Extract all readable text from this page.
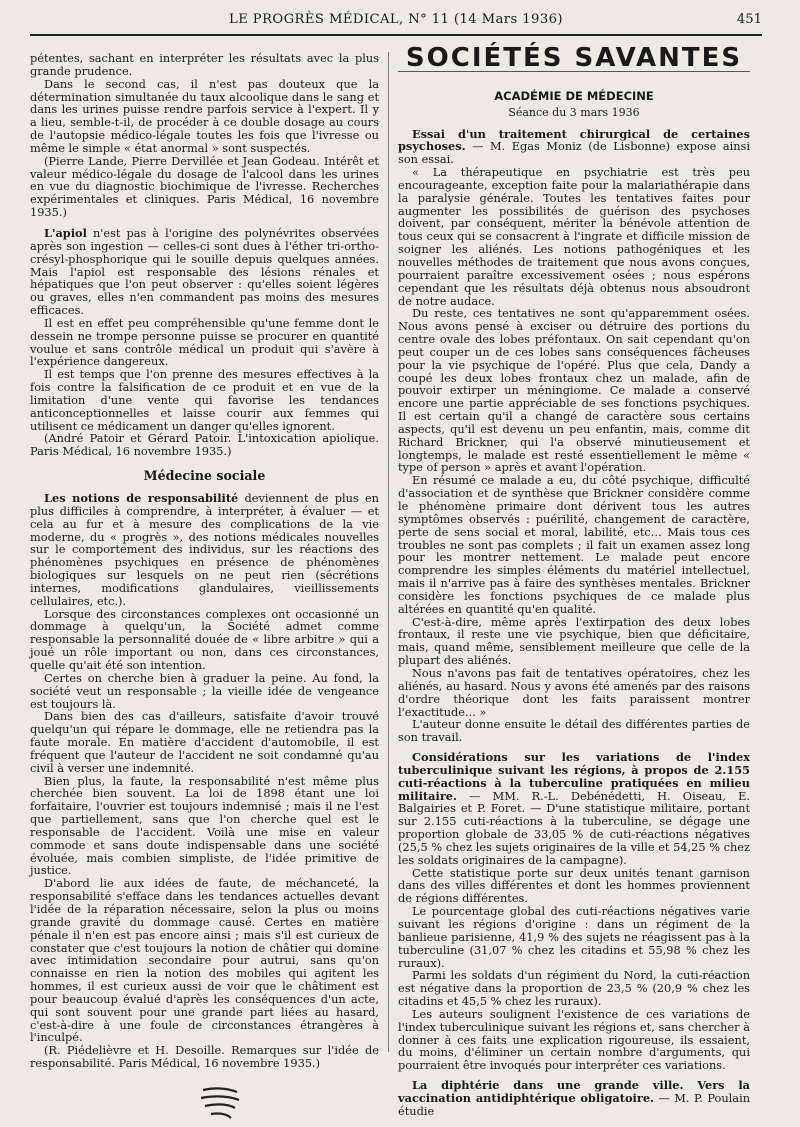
LE PROGRÈS MÉDICAL, N° 11 (14 Mars 1936)	451

pétentes, sachant en interpréter les résultats avec la plus grande prudence.

Dans le second cas, il n'est pas douteux que la détermination simultanée du taux alcoolique dans le sang et dans les urines puisse rendre parfois service à l'expert. Il y a lieu, semble-t-il, de procéder à ce double dosage au cours de l'autopsie médico-légale toutes les fois que l'ivresse ou même le simple « état anormal » sont suspectés.

(Pierre Lande, Pierre Dervillée et Jean Godeau. Intérêt et valeur médico-légale du dosage de l'alcool dans les urines en vue du diagnostic biochimique de l'ivresse. Recherches expérimentales et cliniques. Paris Médical, 16 novembre 1935.)

L'apiol n'est pas à l'origine des polynévrites observées après son ingestion — celles-ci sont dues à l'éther tri-ortho-crésyl-phosphorique qui le souille depuis quelques années. Mais l'apiol est responsable des lésions rénales et hépatiques que l'on peut observer : qu'elles soient légères ou graves, elles n'en commandent pas moins des mesures efficaces.

Il est en effet peu compréhensible qu'une femme dont le dessein ne trompe personne puisse se procurer en quantité voulue et sans contrôle médical un produit qui s'avère à l'expérience dangereux.

Il est temps que l'on prenne des mesures effectives à la fois contre la falsification de ce produit et en vue de la limitation d'une vente qui favorise les tendances anticonceptionnelles et laisse courir aux femmes qui utilisent ce médicament un danger qu'elles ignorent.

(André Patoir et Gérard Patoir. L'intoxication apiolique. Paris Médical, 16 novembre 1935.)

Médecine sociale

Les notions de responsabilité deviennent de plus en plus difficiles à comprendre, à interpréter, à évaluer — et cela au fur et à mesure des complications de la vie moderne, du « progrès », des notions médicales nouvelles sur le comportement des individus, sur les réactions des phénomènes psychiques en présence de phénomènes biologiques sur lesquels on ne peut rien (sécrétions internes, modifications glandulaires, vieillissements cellulaires, etc.).

Lorsque des circonstances complexes ont occasionné un dommage à quelqu'un, la Société admet comme responsable la personnalité douée de « libre arbitre » qui a joué un rôle important ou non, dans ces circonstances, quelle qu'ait été son intention.

Certes on cherche bien à graduer la peine. Au fond, la société veut un responsable ; la vieille idée de vengeance est toujours là.

Dans bien des cas d'ailleurs, satisfaite d'avoir trouvé quelqu'un qui répare le dommage, elle ne retiendra pas la faute morale. En matière d'accident d'automobile, il est fréquent que l'auteur de l'accident ne soit condamné qu'au civil à verser une indemnité.

Bien plus, la faute, la responsabilité n'est même plus cherchée bien souvent. La loi de 1898 étant une loi forfaitaire, l'ouvrier est toujours indemnisé ; mais il ne l'est que partiellement, sans que l'on cherche quel est le responsable de l'accident. Voilà une mise en valeur commode et sans doute indispensable dans une société évoluée, mais combien simpliste, de l'idée primitive de justice.

D'abord lie aux idées de faute, de méchanceté, la responsabilité s'efface dans les tendances actuelles devant l'idée de la réparation nécessaire, selon la plus ou moins grande gravité du dommage causé. Certes en matière pénale il n'en est pas encore ainsi ; mais s'il est curieux de constater que c'est toujours la notion de châtier qui domine avec intimidation secondaire pour autrui, sans qu'on connaisse en rien la notion des mobiles qui agitent les hommes, il est curieux aussi de voir que le châtiment est pour beaucoup évalué d'après les conséquences d'un acte, qui sont souvent pour une grande part liées au hasard, c'est-à-dire à une foule de circonstances étrangères à l'inculpé.

(R. Piédelièvre et H. Desoille. Remarques sur l'idée de responsabilité. Paris Médical, 16 novembre 1935.)

SOCIÉTÉS SAVANTES
ACADÉMIE DE MÉDECINE
Séance du 3 mars 1936

Essai d'un traitement chirurgical de certaines psychoses. — M. Egas Moniz (de Lisbonne) expose ainsi son essai.

« La thérapeutique en psychiatrie est très peu encourageante, exception faite pour la malariathérapie dans la paralysie générale. Toutes les tentatives faites pour augmenter les possibilités de guérison des psychoses doivent, par conséquent, mériter la bénévole attention de tous ceux qui se consacrent à l'ingrate et difficile mission de soigner les aliénés. Les notions pathogéniques et les nouvelles méthodes de traitement que nous avons conçues, pourraient paraître excessivement osées ; nous espérons cependant que les résultats déjà obtenus nous absoudront de notre audace.

Du reste, ces tentatives ne sont qu'apparemment osées. Nous avons pensé à exciser ou détruire des portions du centre ovale des lobes préfontaux. On sait cependant qu'on peut couper un de ces lobes sans conséquences fâcheuses pour la vie psychique de l'opéré. Plus que cela, Dandy a coupé les deux lobes frontaux chez un malade, afin de pouvoir extirper un méningiome. Ce malade a conservé encore une partie appréciable de ses fonctions psychiques. Il est certain qu'il a changé de caractère sous certains aspects, qu'il est devenu un peu enfantin, mais, comme dit Richard Brickner, qui l'a observé minutieusement et longtemps, le malade est resté essentiellement le même « type of person » après et avant l'opération.

En résumé ce malade a eu, du côté psychique, difficulté d'association et de synthèse que Brickner considère comme le phénomène primaire dont dérivent tous les autres symptômes observés : puérilité, changement de caractère, perte de sens social et moral, labilité, etc... Mais tous ces troubles ne sont pas complets ; il fait un examen assez long pour les montrer nettement. Le malade peut encore comprendre les simples éléments du matériel intellectuel, mais il n'arrive pas à faire des synthèses mentales. Brickner considère les fonctions psychiques de ce malade plus altérées en quantité qu'en qualité.

C'est-à-dire, même après l'extirpation des deux lobes frontaux, il reste une vie psychique, bien que déficitaire, mais, quand même, sensiblement meilleure que celle de la plupart des aliénés.

Nous n'avons pas fait de tentatives opératoires, chez les aliénés, au hasard. Nous y avons été amenés par des raisons d'ordre théorique dont les faits paraissent montrer l'exactitude... »

L'auteur donne ensuite le détail des différentes parties de son travail.

Considérations sur les variations de l'index tuberculinique suivant les régions, à propos de 2.155 cuti-réactions à la tuberculine pratiquées en milieu militaire. — MM. R.-L. Debénédetti, H. Oiseau, E. Balgairies et P. Foret. — D'une statistique militaire, portant sur 2.155 cuti-réactions à la tuberculine, se dégage une proportion globale de 33,05 % de cuti-réactions négatives (25,5 % chez les sujets originaires de la ville et 54,25 % chez les soldats originaires de la campagne).

Cette statistique porte sur deux unités tenant garnison dans des villes différentes et dont les hommes proviennent de régions différentes.

Le pourcentage global des cuti-réactions négatives varie suivant les régions d'origine : dans un régiment de la banlieue parisienne, 41,9 % des sujets ne réagissent pas à la tuberculine (31,07 % chez les citadins et 55,98 % chez les ruraux).

Parmi les soldats d'un régiment du Nord, la cuti-réaction est négative dans la proportion de 23,5 % (20,9 % chez les citadins et 45,5 % chez les ruraux).

Les auteurs soulignent l'existence de ces variations de l'index tuberculinique suivant les régions et, sans chercher à donner à ces faits une explication rigoureuse, ils essaient, du moins, d'éliminer un certain nombre d'arguments, qui pourraient être invoqués pour interpréter ces variations.

La diphtérie dans une grande ville. Vers la vaccination antidiphtérique obligatoire. — M. P. Poulain étudie
